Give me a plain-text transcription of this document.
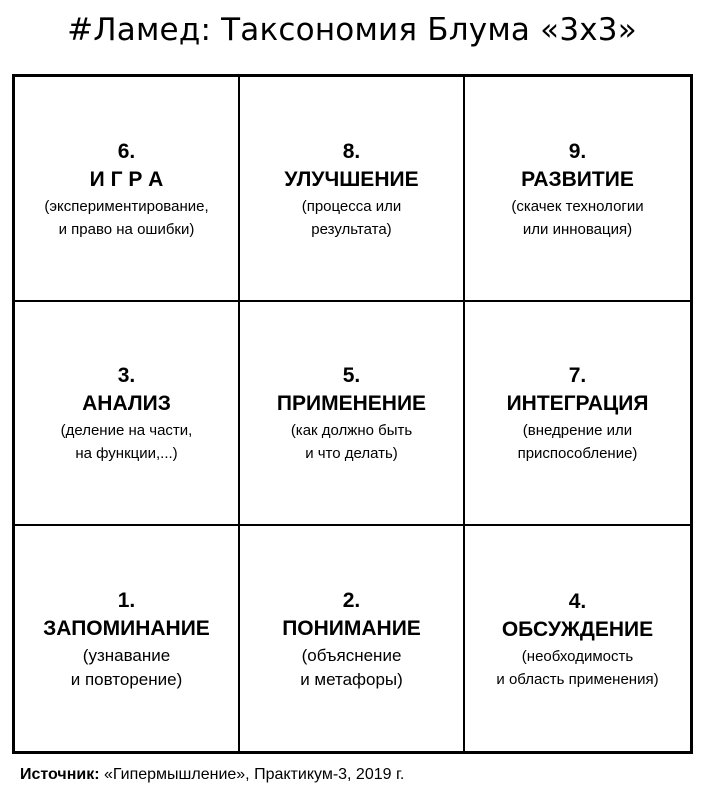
#Ламед: Таксономия Блума «3х3»
6.
И Г Р А
(экспериментирование,
и право на ошибки)
8.
УЛУЧШЕНИЕ
(процесса или
результата)
9.
РАЗВИТИЕ
(скачек технологии
или инновация)
3.
АНАЛИЗ
(деление на части,
на функции,...)
5.
ПРИМЕНЕНИЕ
(как должно быть
и что делать)
7.
ИНТЕГРАЦИЯ
(внедрение или
приспособление)
1.
ЗАПОМИНАНИЕ
(узнавание
и повторение)
2.
ПОНИМАНИЕ
(объяснение
и метафоры)
4.
ОБСУЖДЕНИЕ
(необходимость
и область применения)
Источник: «Гипермышление», Практикум-3, 2019 г.
